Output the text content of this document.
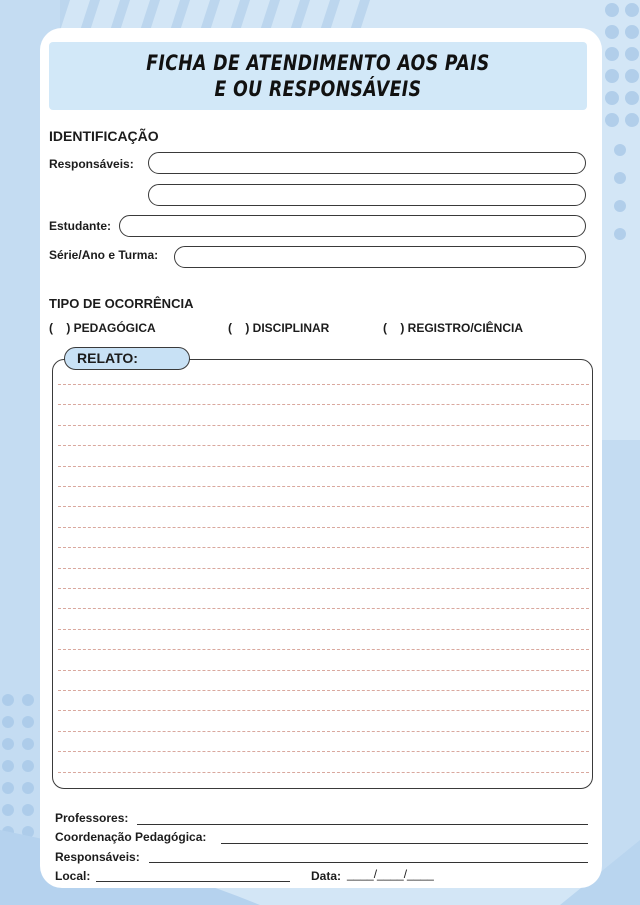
FICHA DE ATENDIMENTO AOS PAIS
E OU RESPONSÁVEIS
IDENTIFICAÇÃO
Responsáveis:
Estudante:
Série/Ano e Turma:
TIPO DE OCORRÊNCIA
(    ) PEDAGÓGICA	(    ) DISCIPLINAR	(    ) REGISTRO/CIÊNCIA
RELATO:
Professores:
Coordenação Pedagógica:
Responsáveis:
Local:	Data: ____/____/____
